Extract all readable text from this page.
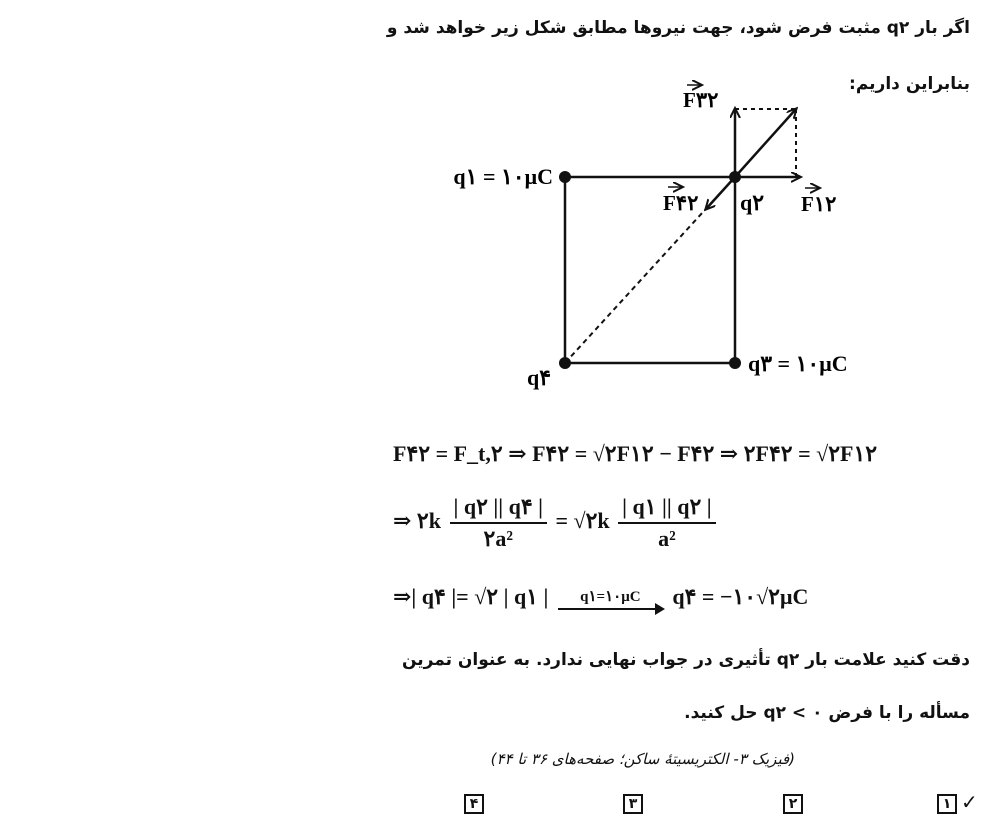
اگر بار q۲ مثبت فرض شود، جهت نیروها مطابق شکل زیر خواهد شد و
بنابراین داریم:
q۱ = ۱۰μC
q۲
q۳ = ۱۰μC
q۴
F۳۲
F۱۲
F۴۲
F۴۲ = F_t,۲ ⇒ F۴۲ = √۲F۱۲ − F۴۲ ⇒ ۲F۴۲ = √۲F۱۲
⇒ ۲k $\frac{| q۲ || q۴ |}{\text{۲a²}}$ = √۲k $\frac{| q۱ || q۲ |}{\text{a²}}$
⇒| q۴ |= √۲ | q۱ |	q۱=۱۰μC	q۴ = −۱۰√۲μC
دقت کنید علامت بار q۲ تأثیری در جواب نهایی ندارد. به عنوان تمرین
مسأله را با فرض ۰ > q۲ حل کنید.
(فیزیک ۳- الکتریسیتهٔ ساکن؛ صفحه‌های ۳۶ تا ۴۴)
۱ ✓
۲
۳
۴
